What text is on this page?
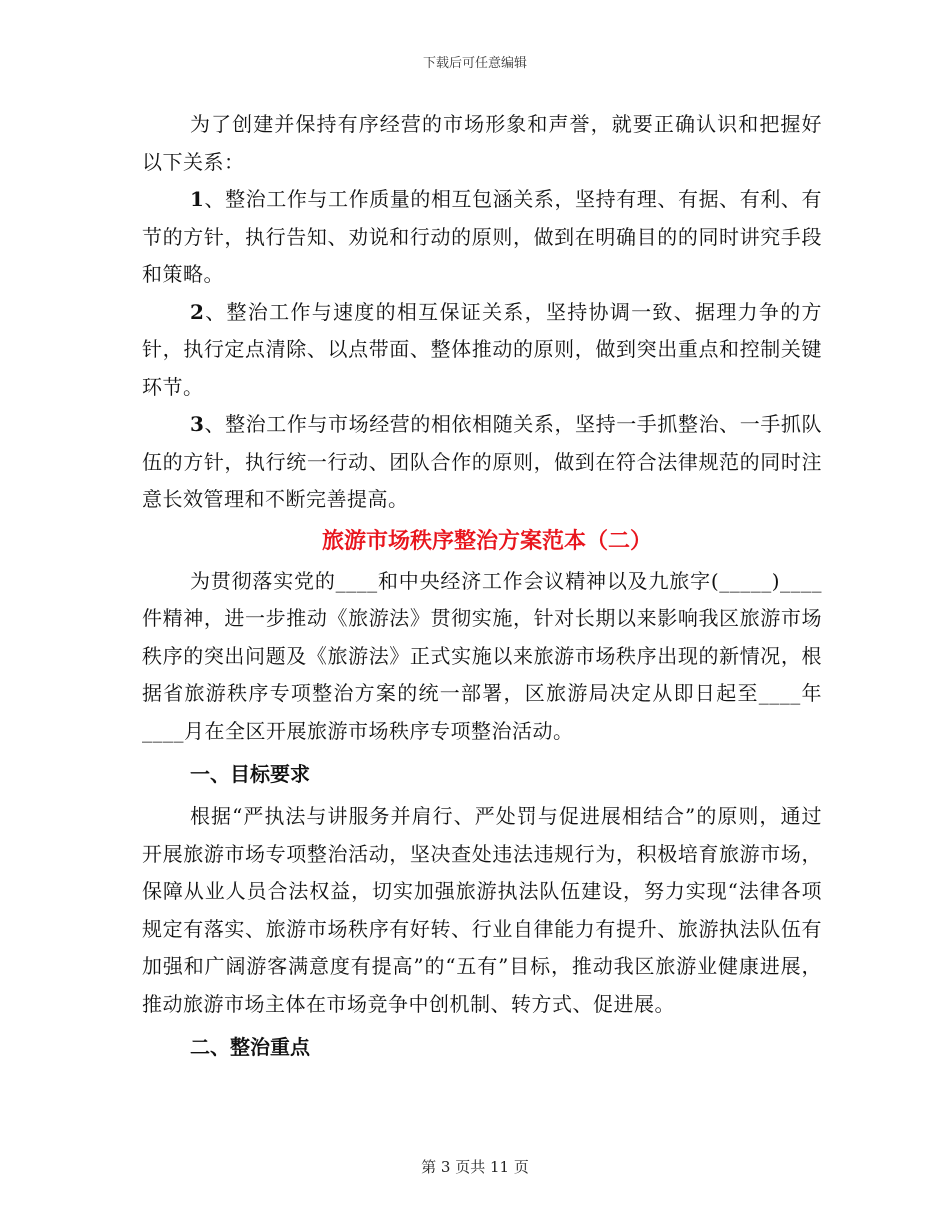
下载后可任意编辑

为了创建并保持有序经营的市场形象和声誉，就要正确认识和把握好以下关系：

1、整治工作与工作质量的相互包涵关系，坚持有理、有据、有利、有节的方针，执行告知、劝说和行动的原则，做到在明确目的的同时讲究手段和策略。

2、整治工作与速度的相互保证关系，坚持协调一致、据理力争的方针，执行定点清除、以点带面、整体推动的原则，做到突出重点和控制关键环节。

3、整治工作与市场经营的相依相随关系，坚持一手抓整治、一手抓队伍的方针，执行统一行动、团队合作的原则，做到在符合法律规范的同时注意长效管理和不断完善提高。

旅游市场秩序整治方案范本（二）

为贯彻落实党的____和中央经济工作会议精神以及九旅字(_____)____件精神，进一步推动《旅游法》贯彻实施，针对长期以来影响我区旅游市场秩序的突出问题及《旅游法》正式实施以来旅游市场秩序出现的新情况，根据省旅游秩序专项整治方案的统一部署，区旅游局决定从即日起至____年____月在全区开展旅游市场秩序专项整治活动。

一、目标要求

根据“严执法与讲服务并肩行、严处罚与促进展相结合”的原则，通过开展旅游市场专项整治活动，坚决查处违法违规行为，积极培育旅游市场，保障从业人员合法权益，切实加强旅游执法队伍建设，努力实现“法律各项规定有落实、旅游市场秩序有好转、行业自律能力有提升、旅游执法队伍有加强和广阔游客满意度有提高”的“五有”目标，推动我区旅游业健康进展，推动旅游市场主体在市场竞争中创机制、转方式、促进展。

二、整治重点
第 3 页共 11 页
